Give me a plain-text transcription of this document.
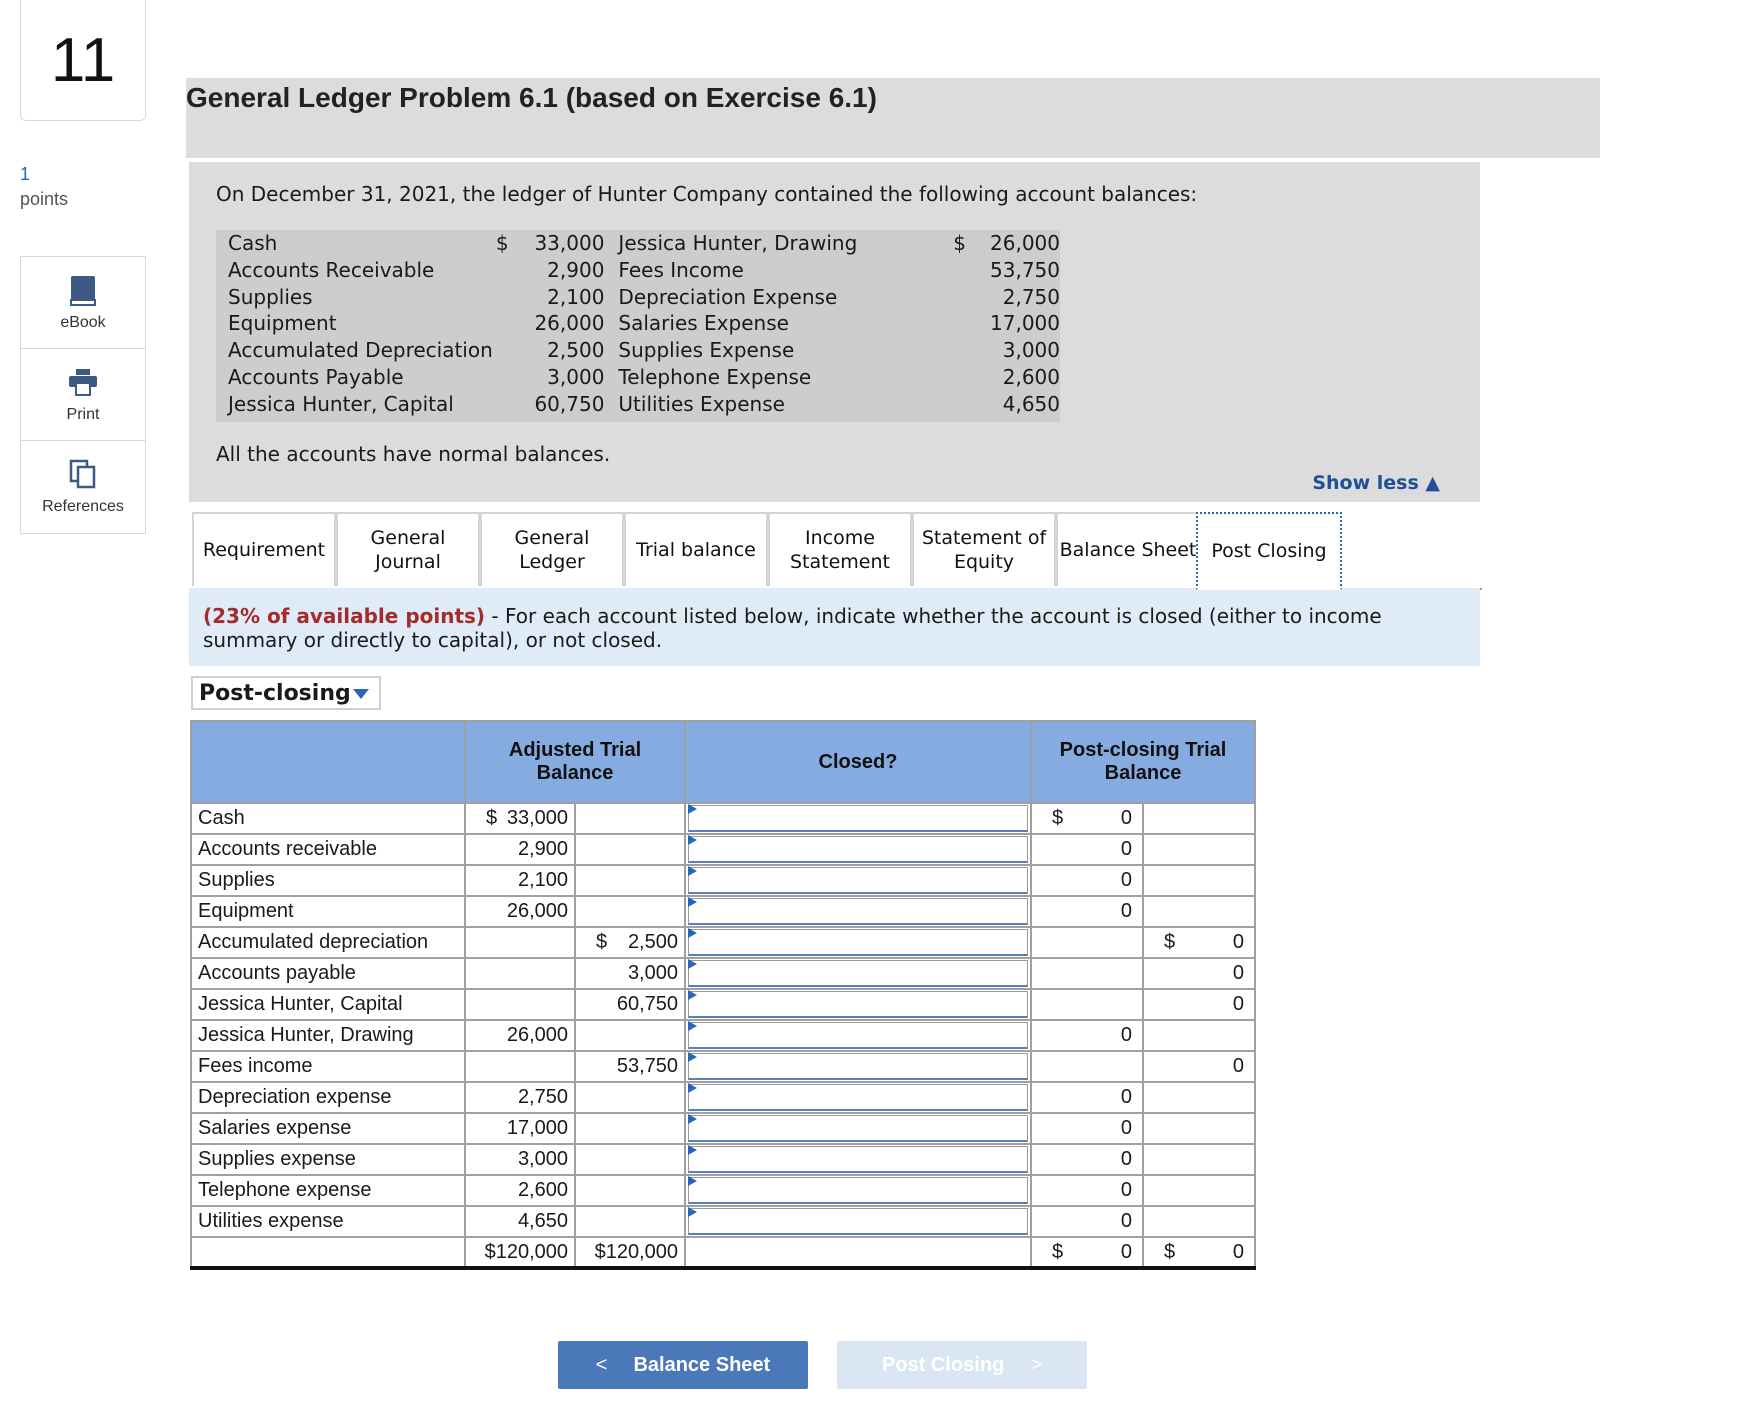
11
1
points
eBook
Print
References
General Ledger Problem 6.1 (based on Exercise 6.1)
On December 31, 2021, the ledger of Hunter Company contained the following account balances:
Cash	$	33,000	Jessica Hunter, Drawing	$	26,000
Accounts Receivable		2,900	Fees Income		53,750
Supplies		2,100	Depreciation Expense		2,750
Equipment		26,000	Salaries Expense		17,000
Accumulated Depreciation		2,500	Supplies Expense		3,000
Accounts Payable		3,000	Telephone Expense		2,600
Jessica Hunter, Capital		60,750	Utilities Expense		4,650
All the accounts have normal balances.
Show less ▲
Requirement
General Journal
General Ledger
Trial balance
Income Statement
Statement of Equity
Balance Sheet Post Closing
(23% of available points) - For each account listed below, indicate whether the account is closed (either to income summary or directly to capital), or not closed.
Post-closing
	Adjusted Trial Balance		Closed?	Post-closing Trial Balance	
Cash	$ 33,000			$ 0	

Accounts receivable	2,900			0	

Supplies	2,100			0	

Equipment	26,000			0	

Accumulated depreciation		$ 2,500			$ 0
Accounts payable		3,000			0
Jessica Hunter, Capital		60,750			0
Jessica Hunter, Drawing	26,000			0	

Fees income		53,750			0
Depreciation expense	2,750			0	

Salaries expense	17,000			0	

Supplies expense	3,000			0	

Telephone expense	2,600			0	

Utilities expense	4,650			0	

	$120,000	$120,000		$ 0	$ 0
< Balance Sheet	Post Closing >
